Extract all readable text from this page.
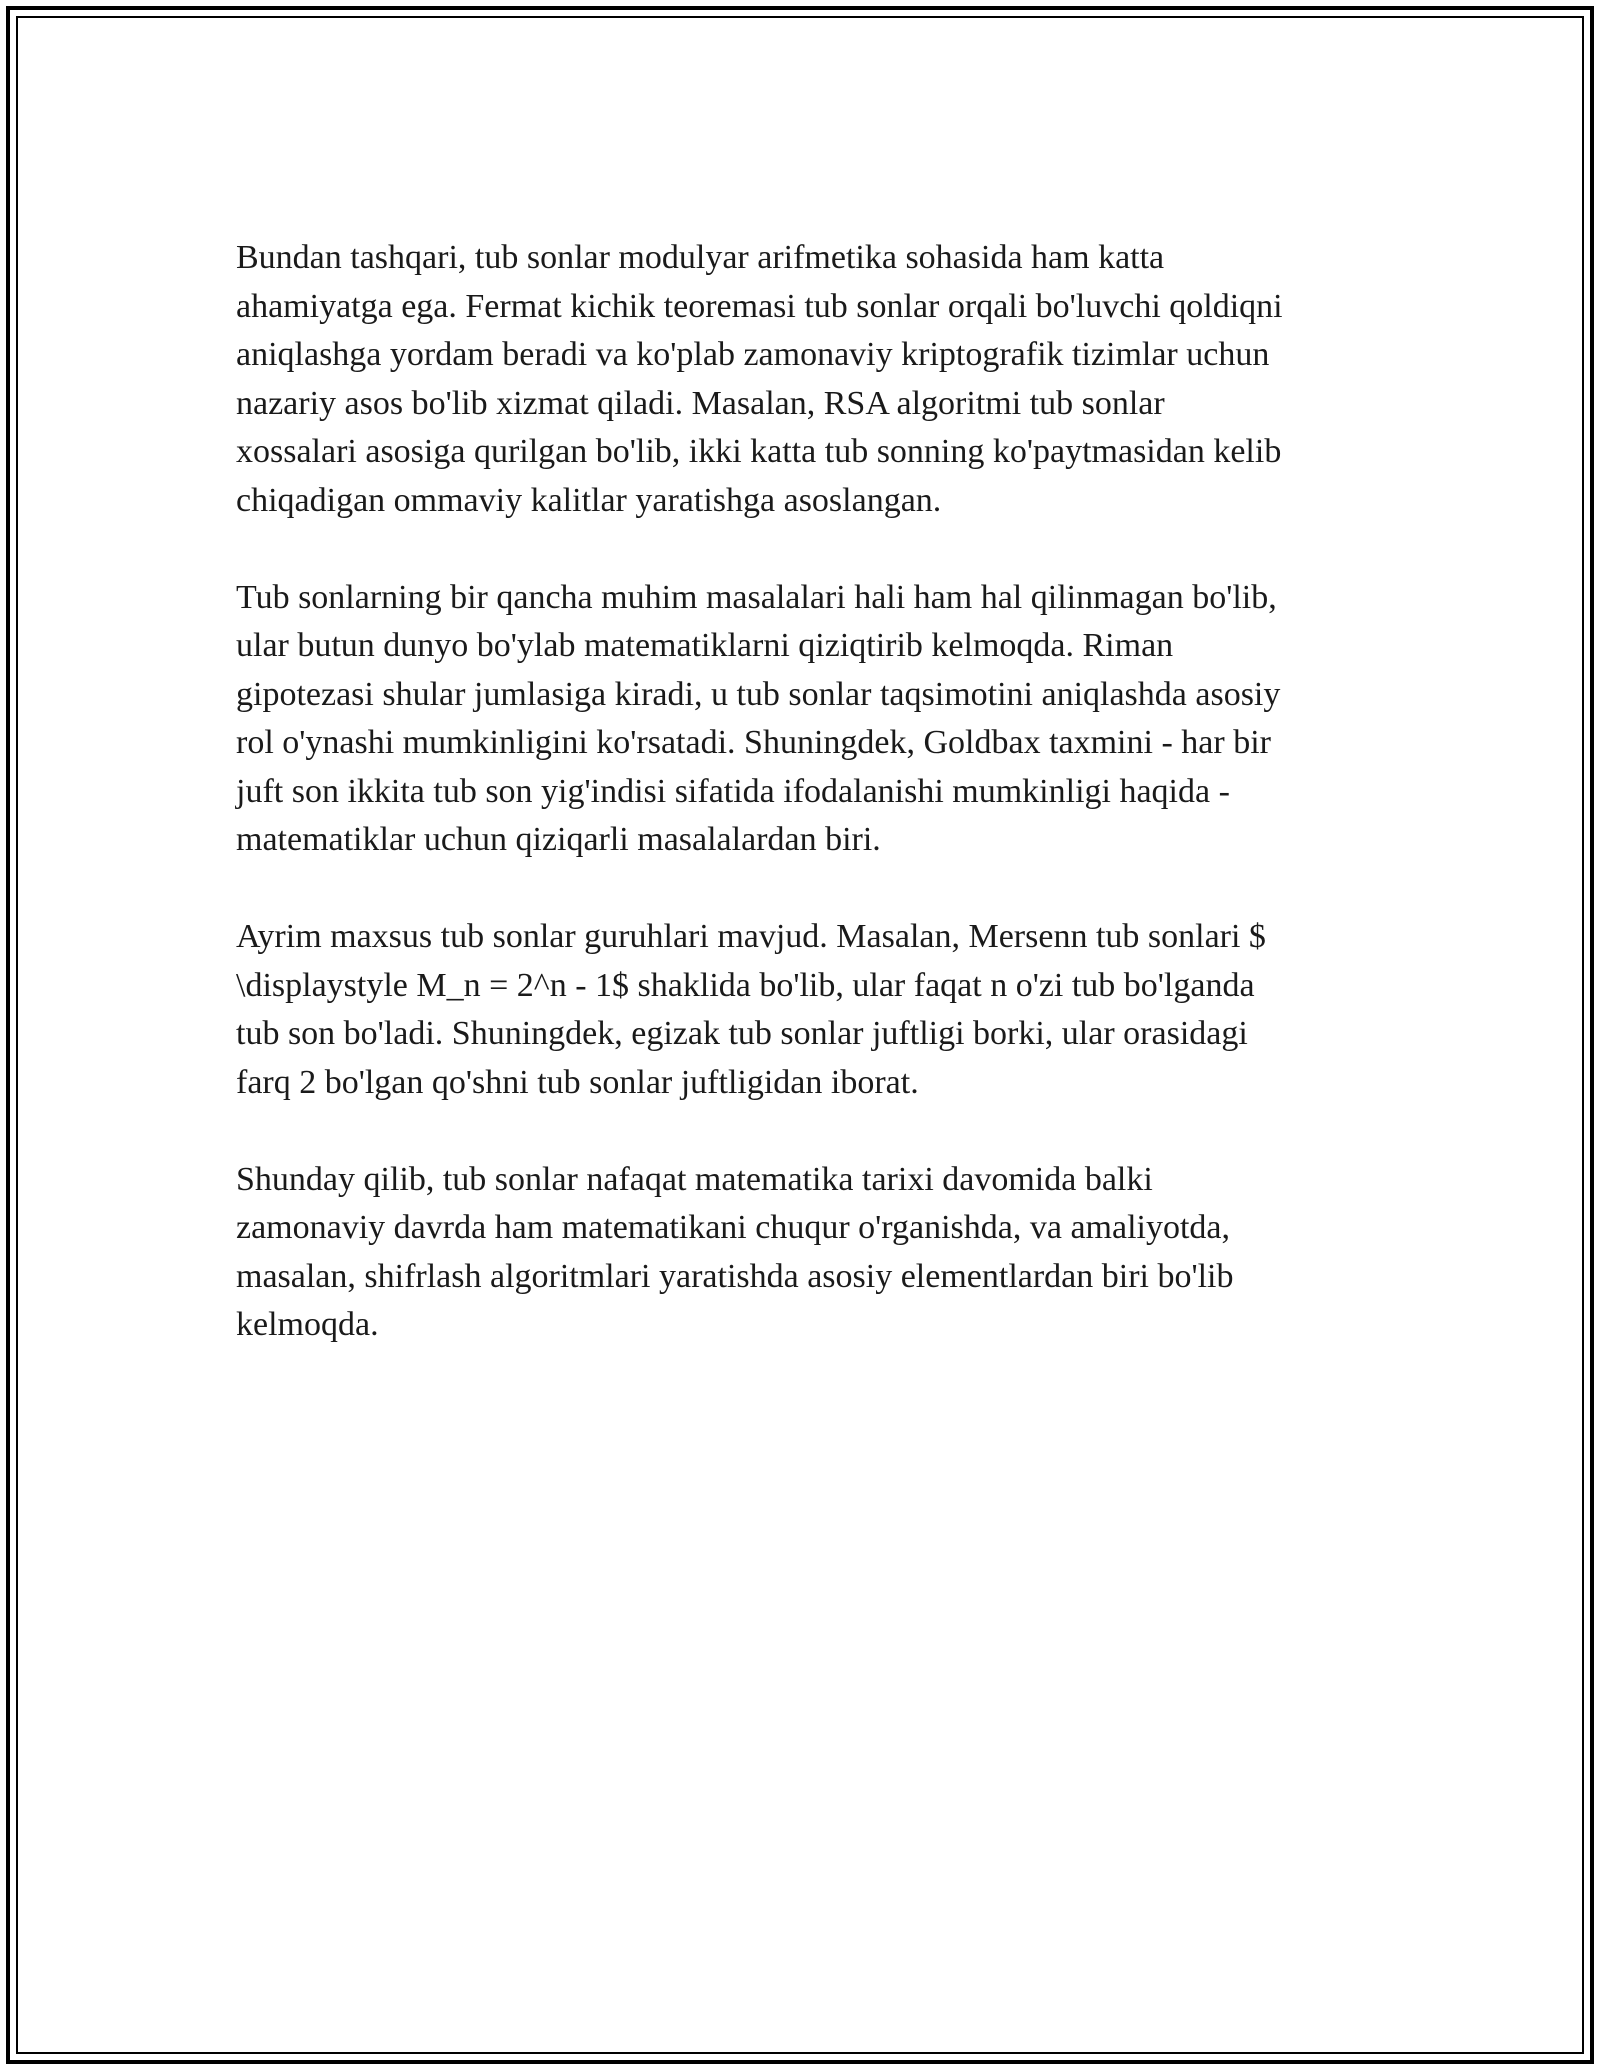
Bundan tashqari, tub sonlar modulyar arifmetika sohasida ham katta
ahamiyatga ega. Fermat kichik teoremasi tub sonlar orqali bo'luvchi qoldiqni
aniqlashga yordam beradi va ko'plab zamonaviy kriptografik tizimlar uchun
nazariy asos bo'lib xizmat qiladi. Masalan, RSA algoritmi tub sonlar
xossalari asosiga qurilgan bo'lib, ikki katta tub sonning ko'paytmasidan kelib
chiqadigan ommaviy kalitlar yaratishga asoslangan.

Tub sonlarning bir qancha muhim masalalari hali ham hal qilinmagan bo'lib,
ular butun dunyo bo'ylab matematiklarni qiziqtirib kelmoqda. Riman
gipotezasi shular jumlasiga kiradi, u tub sonlar taqsimotini aniqlashda asosiy
rol o'ynashi mumkinligini ko'rsatadi. Shuningdek, Goldbax taxmini - har bir
juft son ikkita tub son yig'indisi sifatida ifodalanishi mumkinligi haqida -
matematiklar uchun qiziqarli masalalardan biri.

Ayrim maxsus tub sonlar guruhlari mavjud. Masalan, Mersenn tub sonlari $
\displaystyle M_n = 2^n - 1$ shaklida bo'lib, ular faqat n o'zi tub bo'lganda
tub son bo'ladi. Shuningdek, egizak tub sonlar juftligi borki, ular orasidagi
farq 2 bo'lgan qo'shni tub sonlar juftligidan iborat.

Shunday qilib, tub sonlar nafaqat matematika tarixi davomida balki
zamonaviy davrda ham matematikani chuqur o'rganishda, va amaliyotda,
masalan, shifrlash algoritmlari yaratishda asosiy elementlardan biri bo'lib
kelmoqda.
